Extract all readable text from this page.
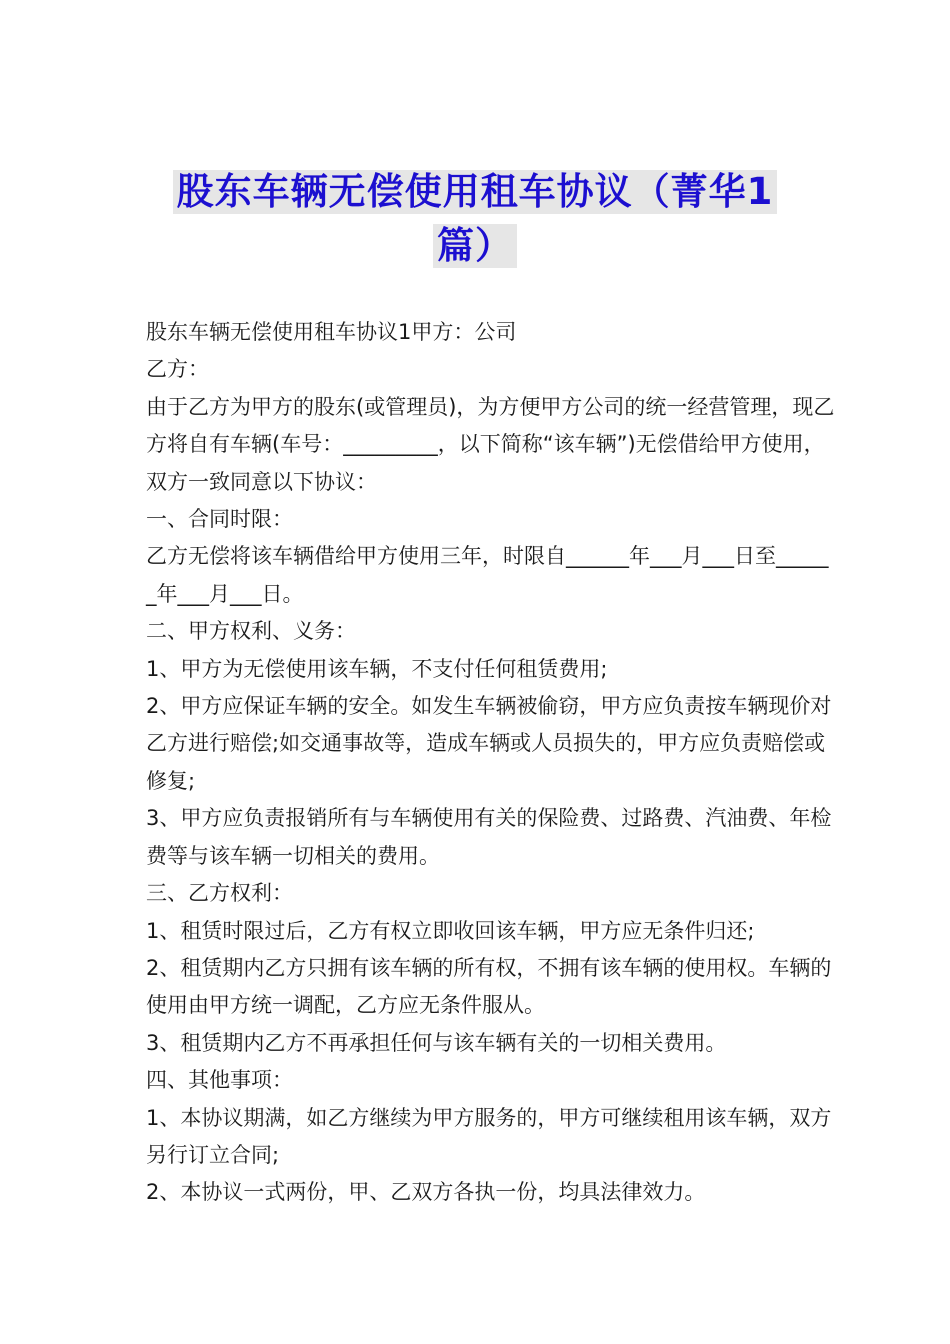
股东车辆无偿使用租车协议（菁华1
篇）

股东车辆无偿使用租车协议1甲方：公司

乙方：

由于乙方为甲方的股东(或管理员)，为方便甲方公司的统一经营管理，现乙方将自有车辆(车号：_________，以下简称“该车辆”)无偿借给甲方使用，双方一致同意以下协议：

一、合同时限：

乙方无偿将该车辆借给甲方使用三年，时限自______年___月___日至______年___月___日。

二、甲方权利、义务：

1、甲方为无偿使用该车辆，不支付任何租赁费用;

2、甲方应保证车辆的安全。如发生车辆被偷窃，甲方应负责按车辆现价对乙方进行赔偿;如交通事故等，造成车辆或人员损失的，甲方应负责赔偿或修复;

3、甲方应负责报销所有与车辆使用有关的保险费、过路费、汽油费、年检费等与该车辆一切相关的费用。

三、乙方权利：

1、租赁时限过后，乙方有权立即收回该车辆，甲方应无条件归还;

2、租赁期内乙方只拥有该车辆的所有权，不拥有该车辆的使用权。车辆的使用由甲方统一调配，乙方应无条件服从。

3、租赁期内乙方不再承担任何与该车辆有关的一切相关费用。

四、其他事项：

1、本协议期满，如乙方继续为甲方服务的，甲方可继续租用该车辆，双方另行订立合同;

2、本协议一式两份，甲、乙双方各执一份，均具法律效力。
